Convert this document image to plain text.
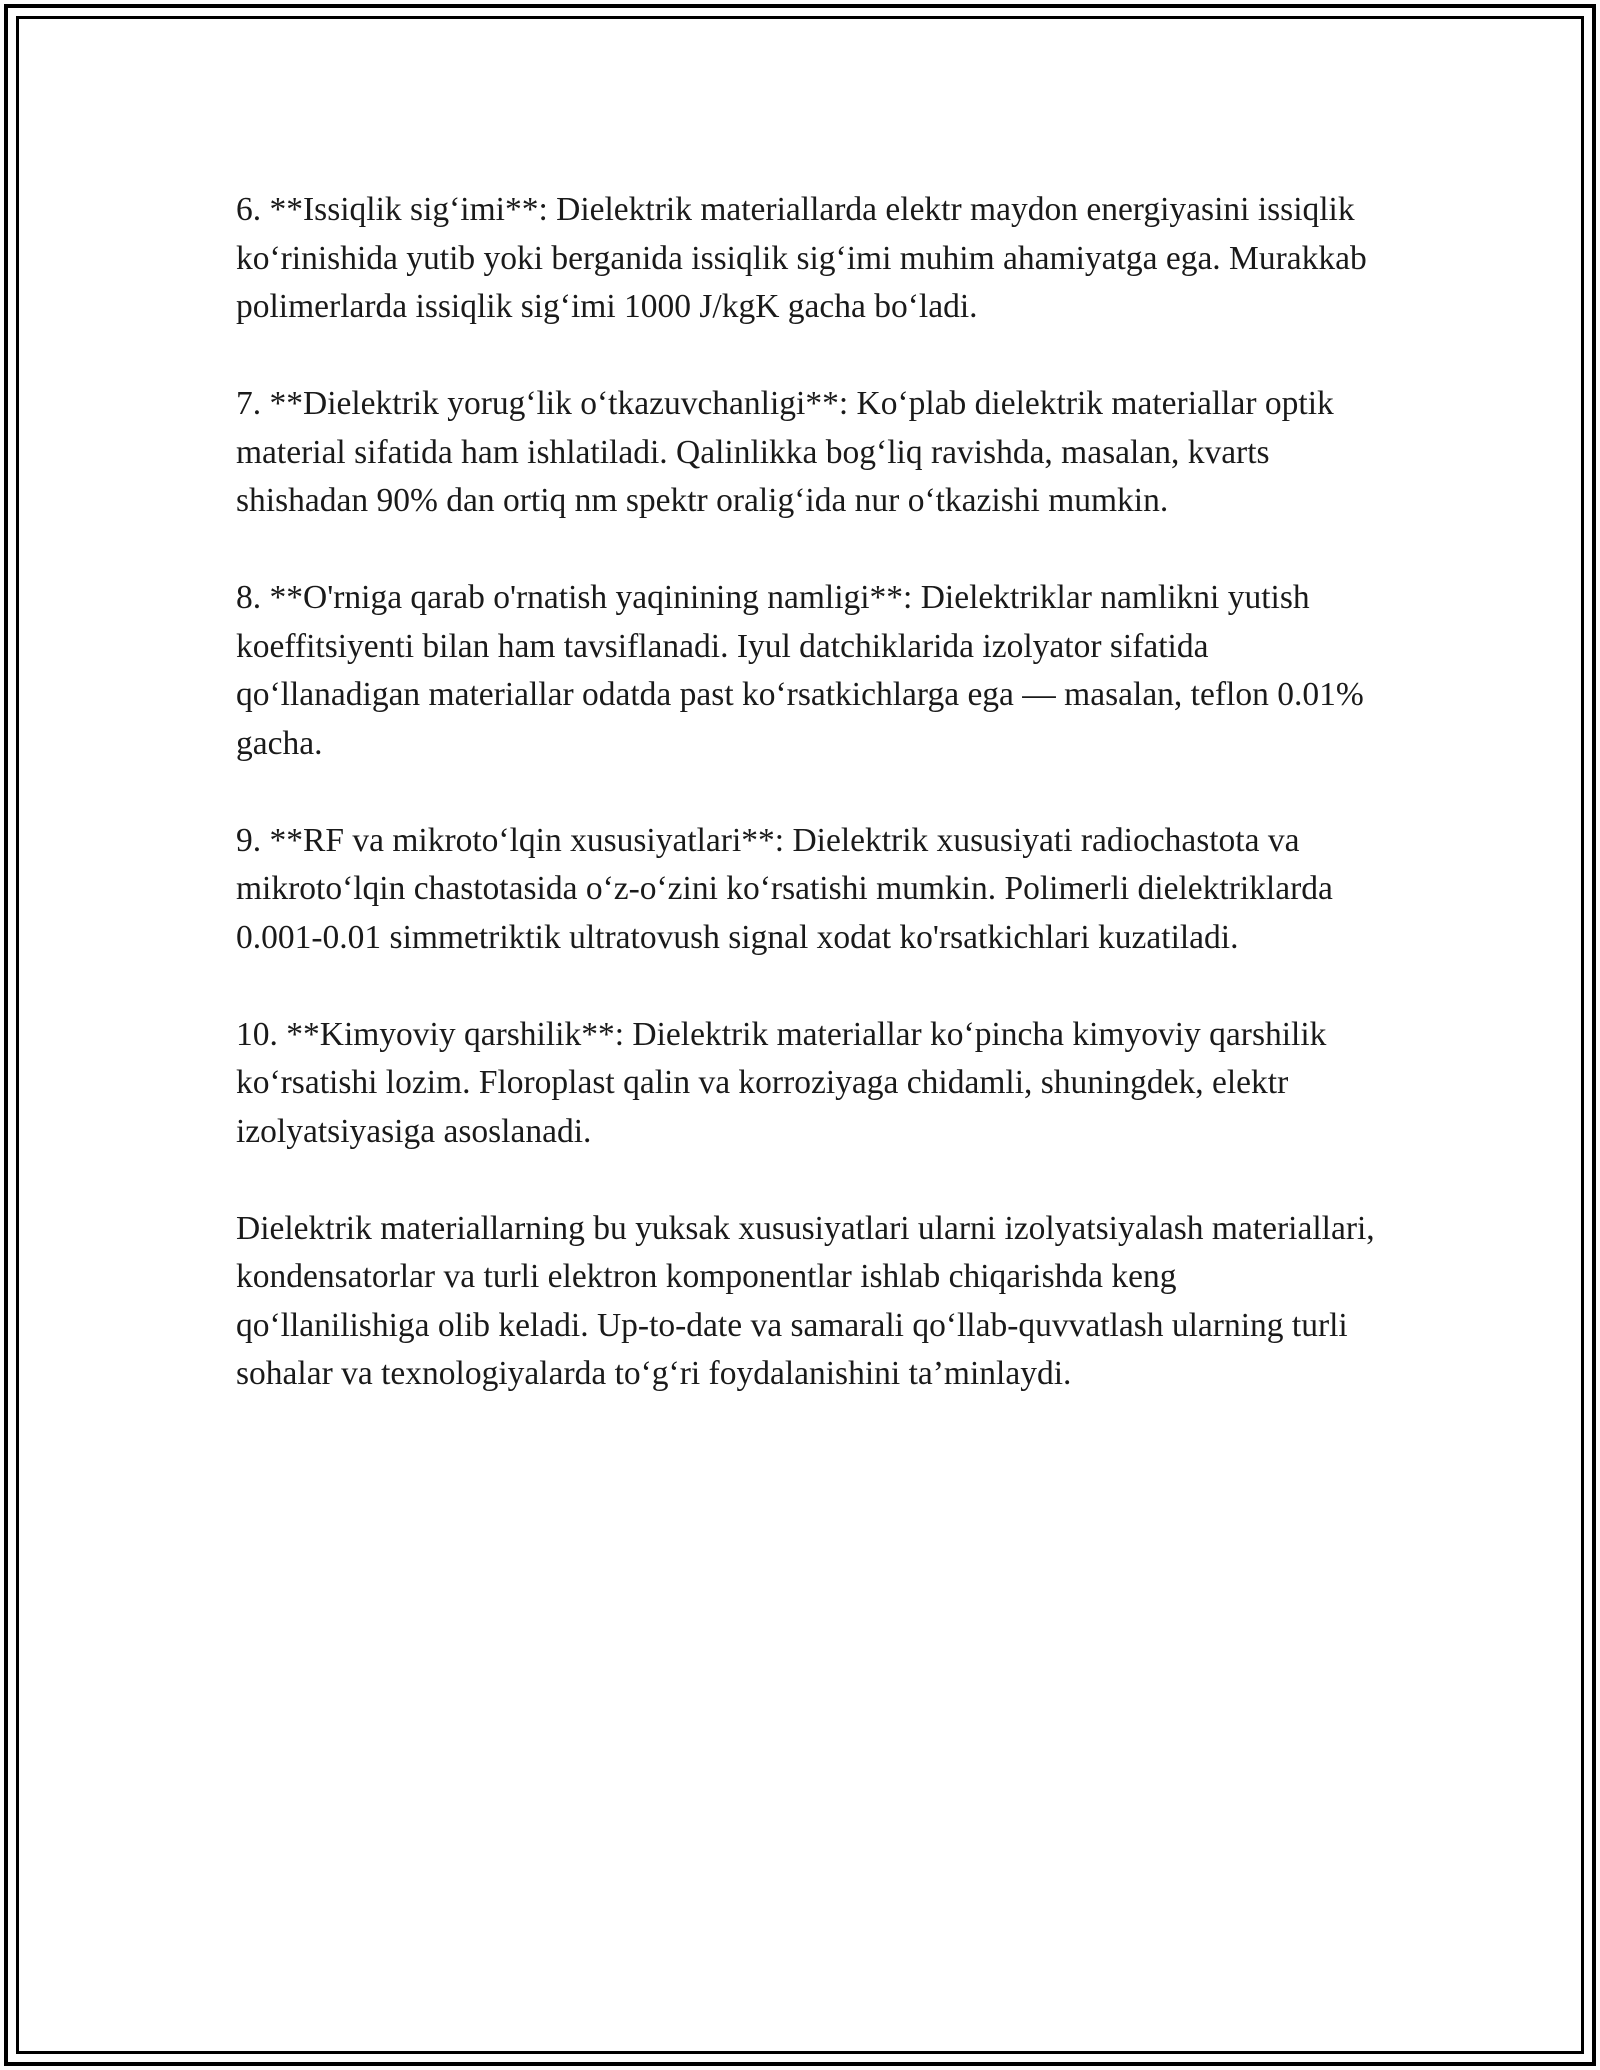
6. **Issiqlik sig‘imi**: Dielektrik materiallarda elektr maydon energiyasini issiqlik ko‘rinishida yutib yoki berganida issiqlik sig‘imi muhim ahamiyatga ega. Murakkab polimerlarda issiqlik sig‘imi 1000 J/kgK gacha bo‘ladi.

7. **Dielektrik yorug‘lik o‘tkazuvchanligi**: Ko‘plab dielektrik materiallar optik material sifatida ham ishlatiladi. Qalinlikka bog‘liq ravishda, masalan, kvarts shishadan 90% dan ortiq nm spektr oralig‘ida nur o‘tkazishi mumkin.

8. **O'rniga qarab o'rnatish yaqinining namligi**: Dielektriklar namlikni yutish koeffitsiyenti bilan ham tavsiflanadi. Iyul datchiklarida izolyator sifatida qo‘llanadigan materiallar odatda past ko‘rsatkichlarga ega — masalan, teflon 0.01% gacha.

9. **RF va mikroto‘lqin xususiyatlari**: Dielektrik xususiyati radiochastota va mikroto‘lqin chastotasida o‘z-o‘zini ko‘rsatishi mumkin. Polimerli dielektriklarda 0.001-0.01 simmetriktik ultratovush signal xodat ko'rsatkichlari kuzatiladi.

10. **Kimyoviy qarshilik**: Dielektrik materiallar ko‘pincha kimyoviy qarshilik ko‘rsatishi lozim. Floroplast qalin va korroziyaga chidamli, shuningdek, elektr izolyatsiyasiga asoslanadi.

Dielektrik materiallarning bu yuksak xususiyatlari ularni izolyatsiyalash materiallari, kondensatorlar va turli elektron komponentlar ishlab chiqarishda keng qo‘llanilishiga olib keladi. Up-to-date va samarali qo‘llab-quvvatlash ularning turli sohalar va texnologiyalarda to‘g‘ri foydalanishini ta’minlaydi.
